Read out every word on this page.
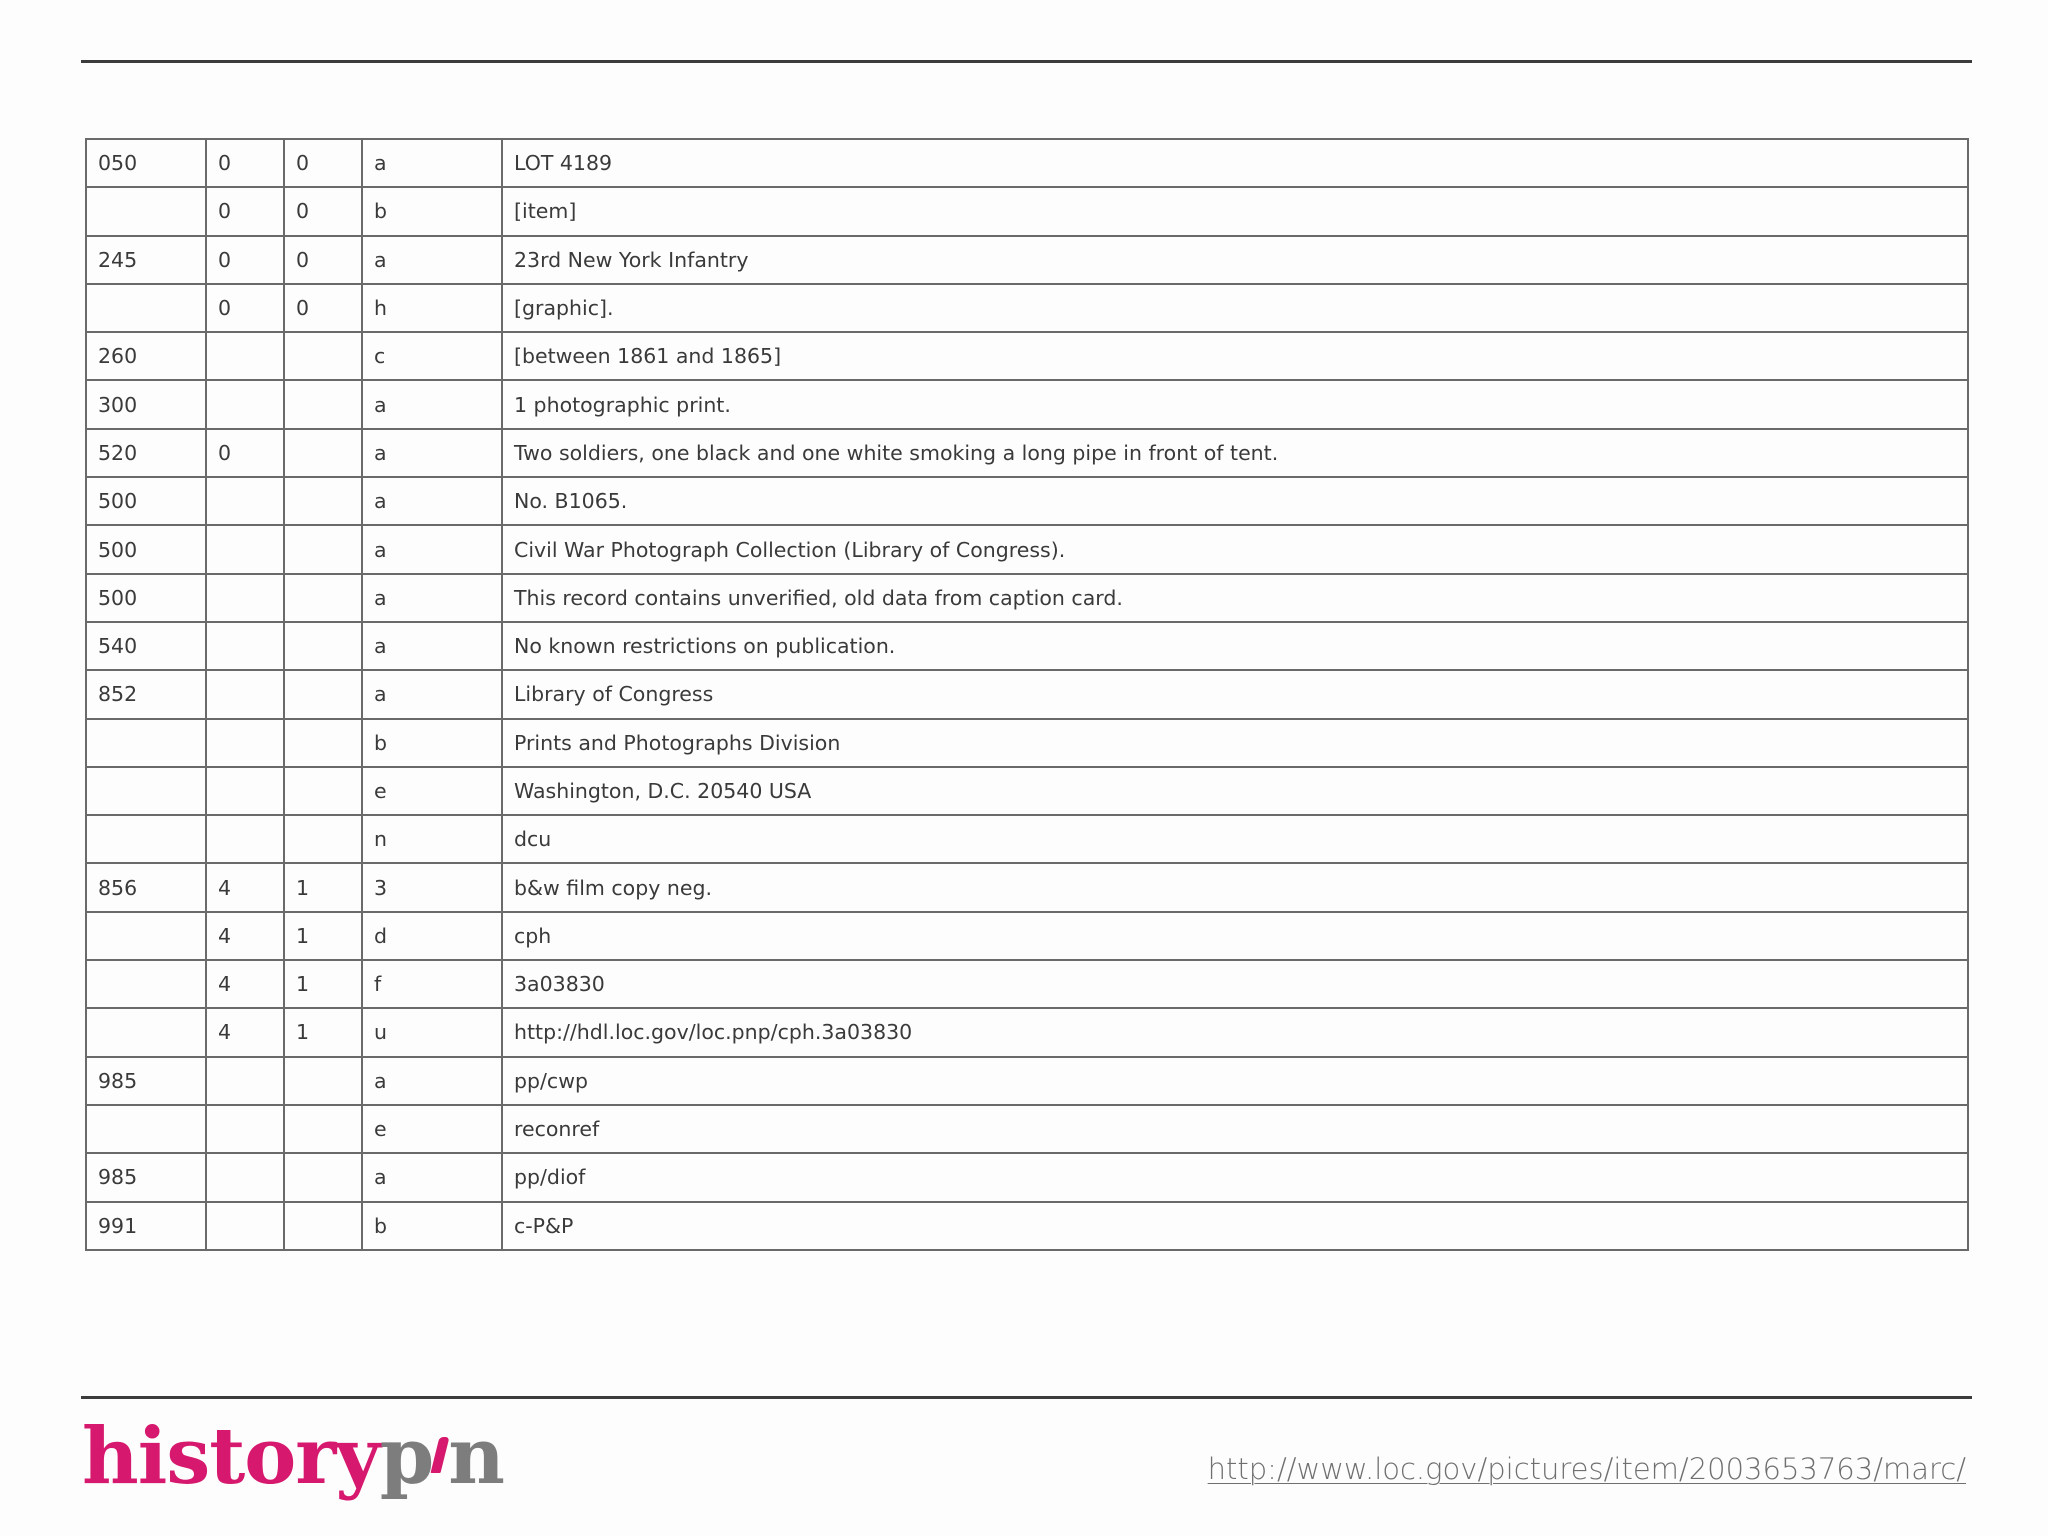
050	0	0	a	LOT 4189
	0	0	b	[item]
245	0	0	a	23rd New York Infantry
	0	0	h	[graphic].
260			c	[between 1861 and 1865]
300			a	1 photographic print.
520	0		a	Two soldiers, one black and one white smoking a long pipe in front of tent.
500			a	No. B1065.
500			a	Civil War Photograph Collection (Library of Congress).
500			a	This record contains unverified, old data from caption card.
540			a	No known restrictions on publication.
852			a	Library of Congress
			b	Prints and Photographs Division
			e	Washington, D.C. 20540 USA
			n	dcu
856	4	1	3	b&w film copy neg.
	4	1	d	cph
	4	1	f	3a03830
	4	1	u	http://hdl.loc.gov/loc.pnp/cph.3a03830
985			a	pp/cwp
			e	reconref
985			a	pp/diof
991			b	c-P&P
historyp n	http://www.loc.gov/pictures/item/2003653763/marc/
